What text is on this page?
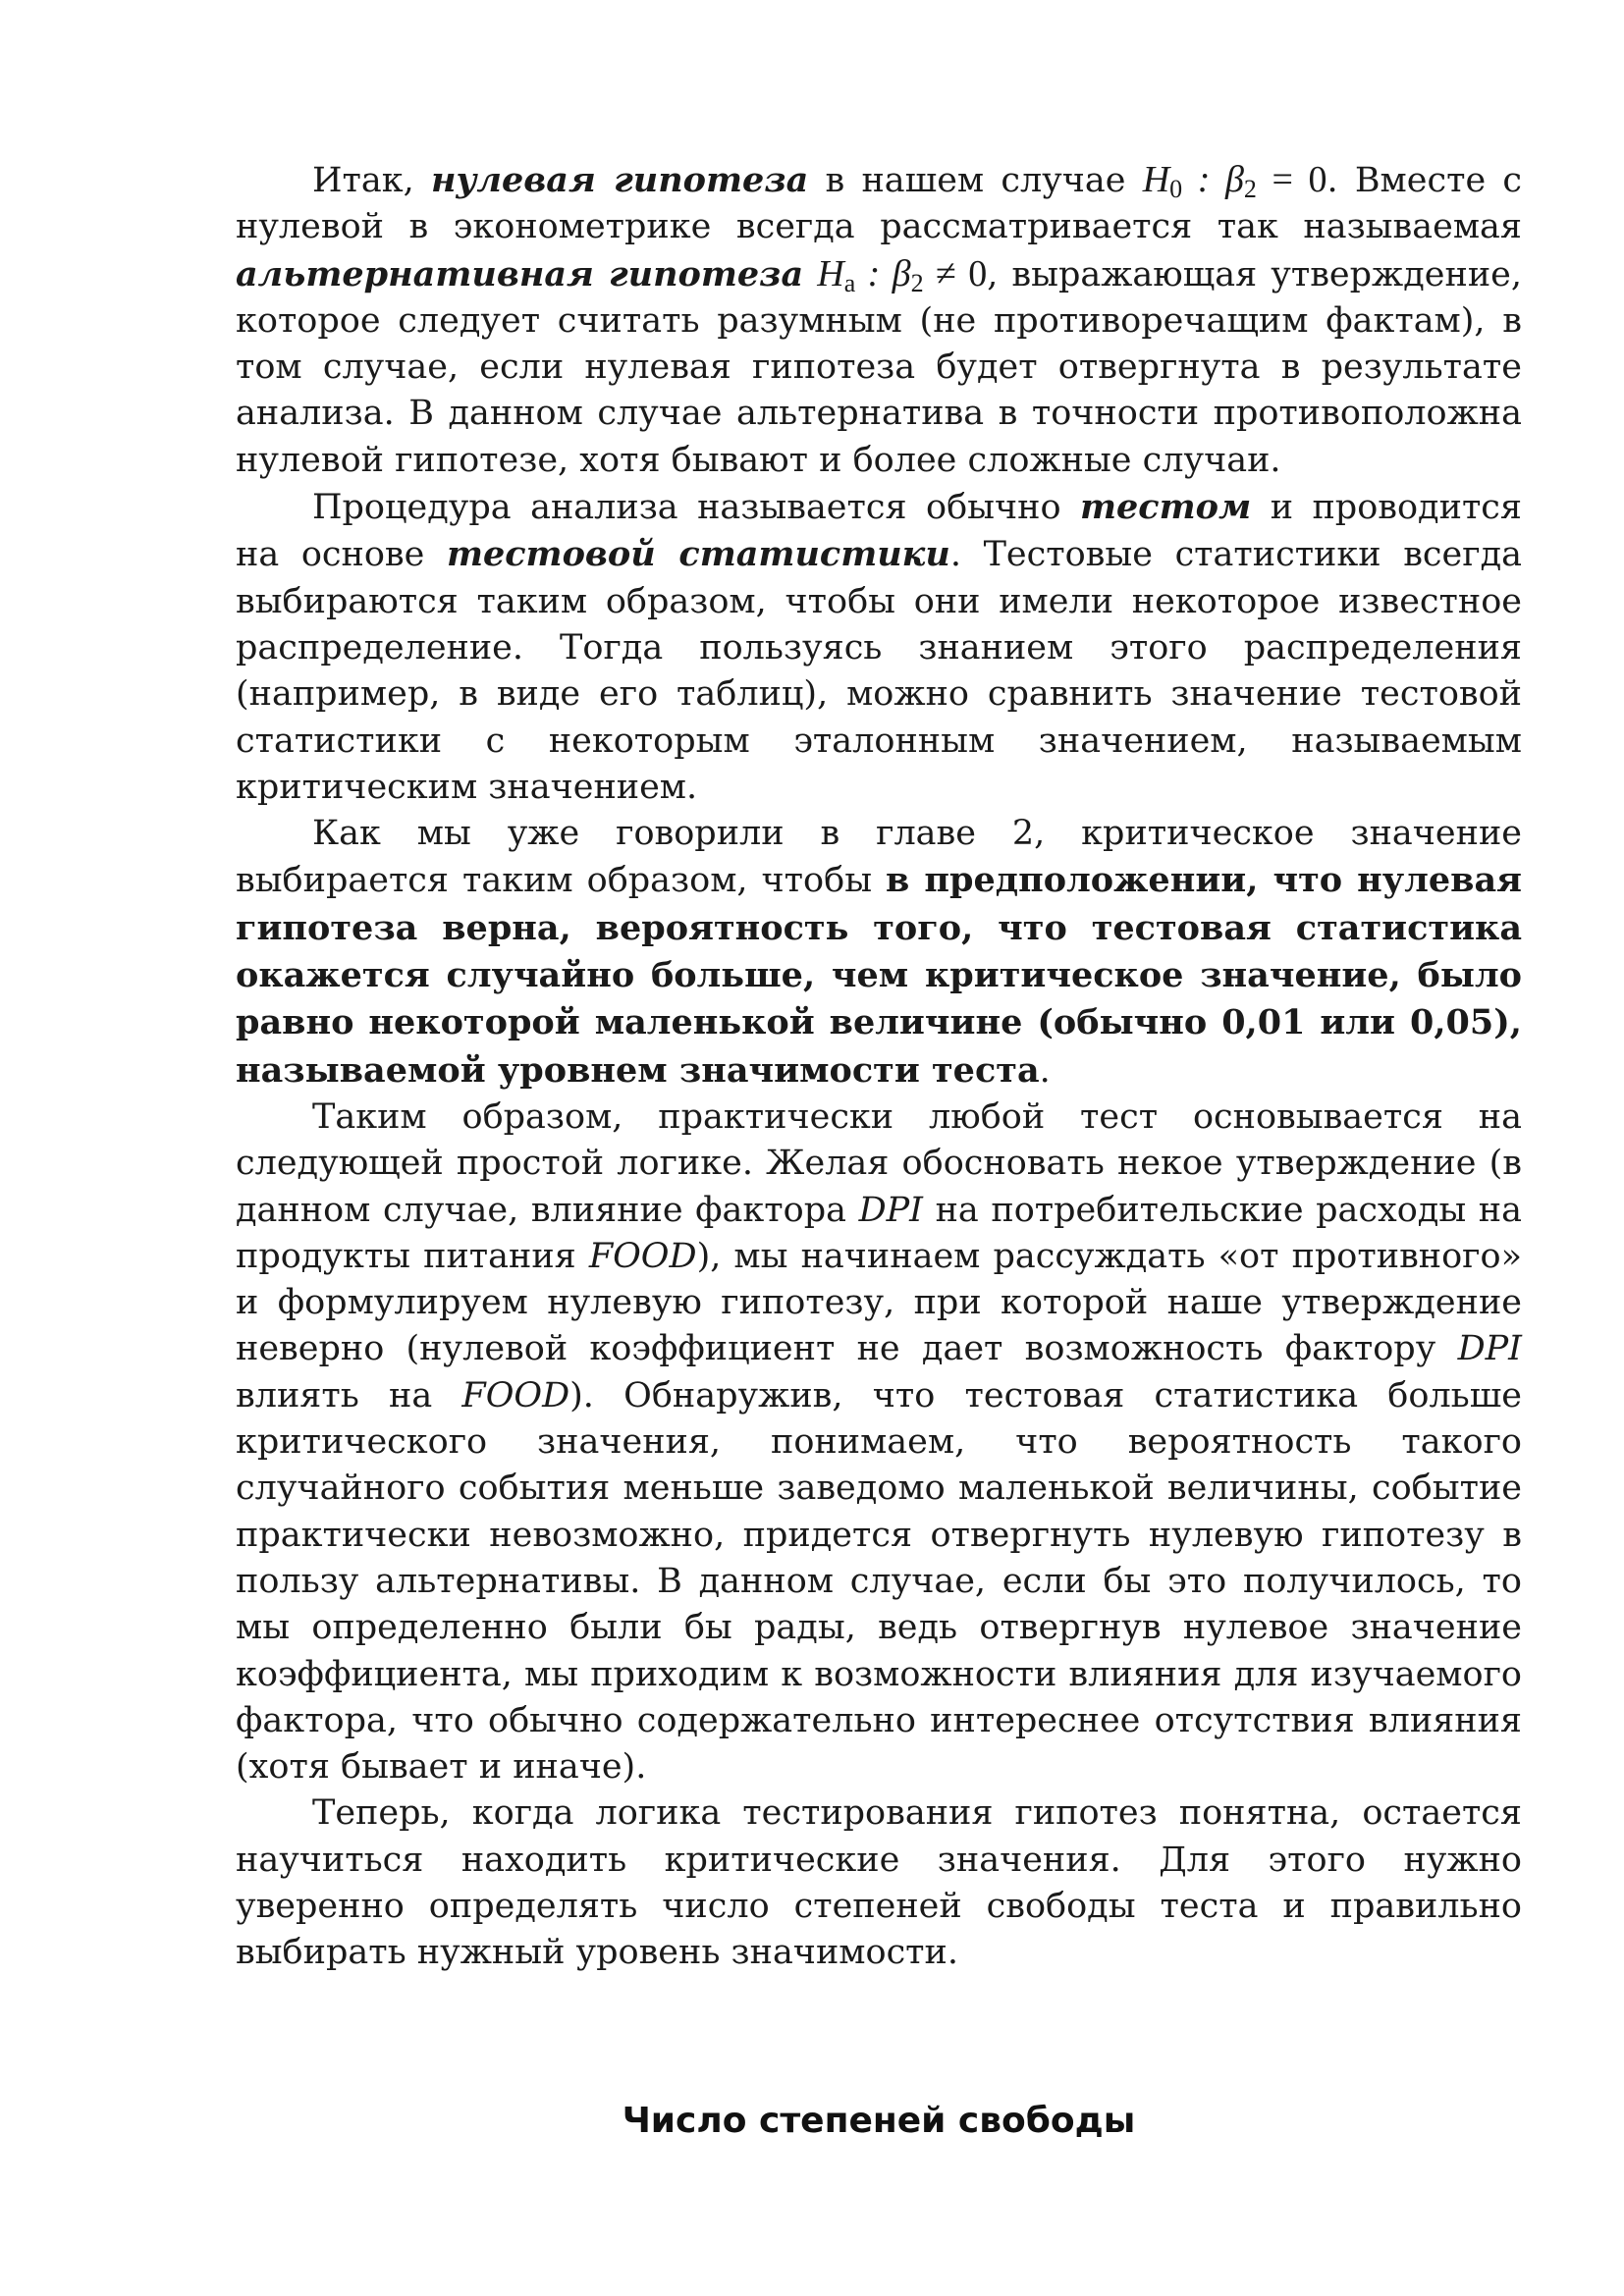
Итак, нулевая гипотеза в нашем случае $H_0$ : $\beta_2 = 0$. Вместе с нулевой в эконометрике всегда рассматривается так называемая альтернативная гипотеза $H_a$ : $\beta_2 \ne 0$, выражающая утверждение, которое следует считать разумным (не противоречащим фактам), в том случае, если нулевая гипотеза будет отвергнута в результате анализа. В данном случае альтернатива в точности противоположна нулевой гипотезе, хотя бывают и более сложные случаи.

Процедура анализа называется обычно тестом и проводится на основе тестовой статистики. Тестовые статистики всегда выбираются таким образом, чтобы они имели некоторое известное распределение. Тогда пользуясь знанием этого распределения (например, в виде его таблиц), можно сравнить значение тестовой статистики с некоторым эталонным значением, называемым критическим значением.

Как мы уже говорили в главе 2, критическое значение выбирается таким образом, чтобы в предположении, что нулевая гипотеза верна, вероятность того, что тестовая статистика окажется случайно больше, чем критическое значение, было равно некоторой маленькой величине (обычно 0,01 или 0,05), называемой уровнем значимости теста.

Таким образом, практически любой тест основывается на следующей простой логике. Желая обосновать некое утверждение (в данном случае, влияние фактора DPI на потребительские расходы на продукты питания FOOD), мы начинаем рассуждать «от противного» и формулируем нулевую гипотезу, при которой наше утверждение неверно (нулевой коэффициент не дает возможность фактору DPI влиять на FOOD). Обнаружив, что тестовая статистика больше критического значения, понимаем, что вероятность такого случайного события меньше заведомо маленькой величины, событие практически невозможно, придется отвергнуть нулевую гипотезу в пользу альтернативы. В данном случае, если бы это получилось, то мы определенно были бы рады, ведь отвергнув нулевое значение коэффициента, мы приходим к возможности влияния для изучаемого фактора, что обычно содержательно интереснее отсутствия влияния (хотя бывает и иначе).

Теперь, когда логика тестирования гипотез понятна, остается научиться находить критические значения. Для этого нужно уверенно определять число степеней свободы теста и правильно выбирать нужный уровень значимости.

Число степеней свободы
